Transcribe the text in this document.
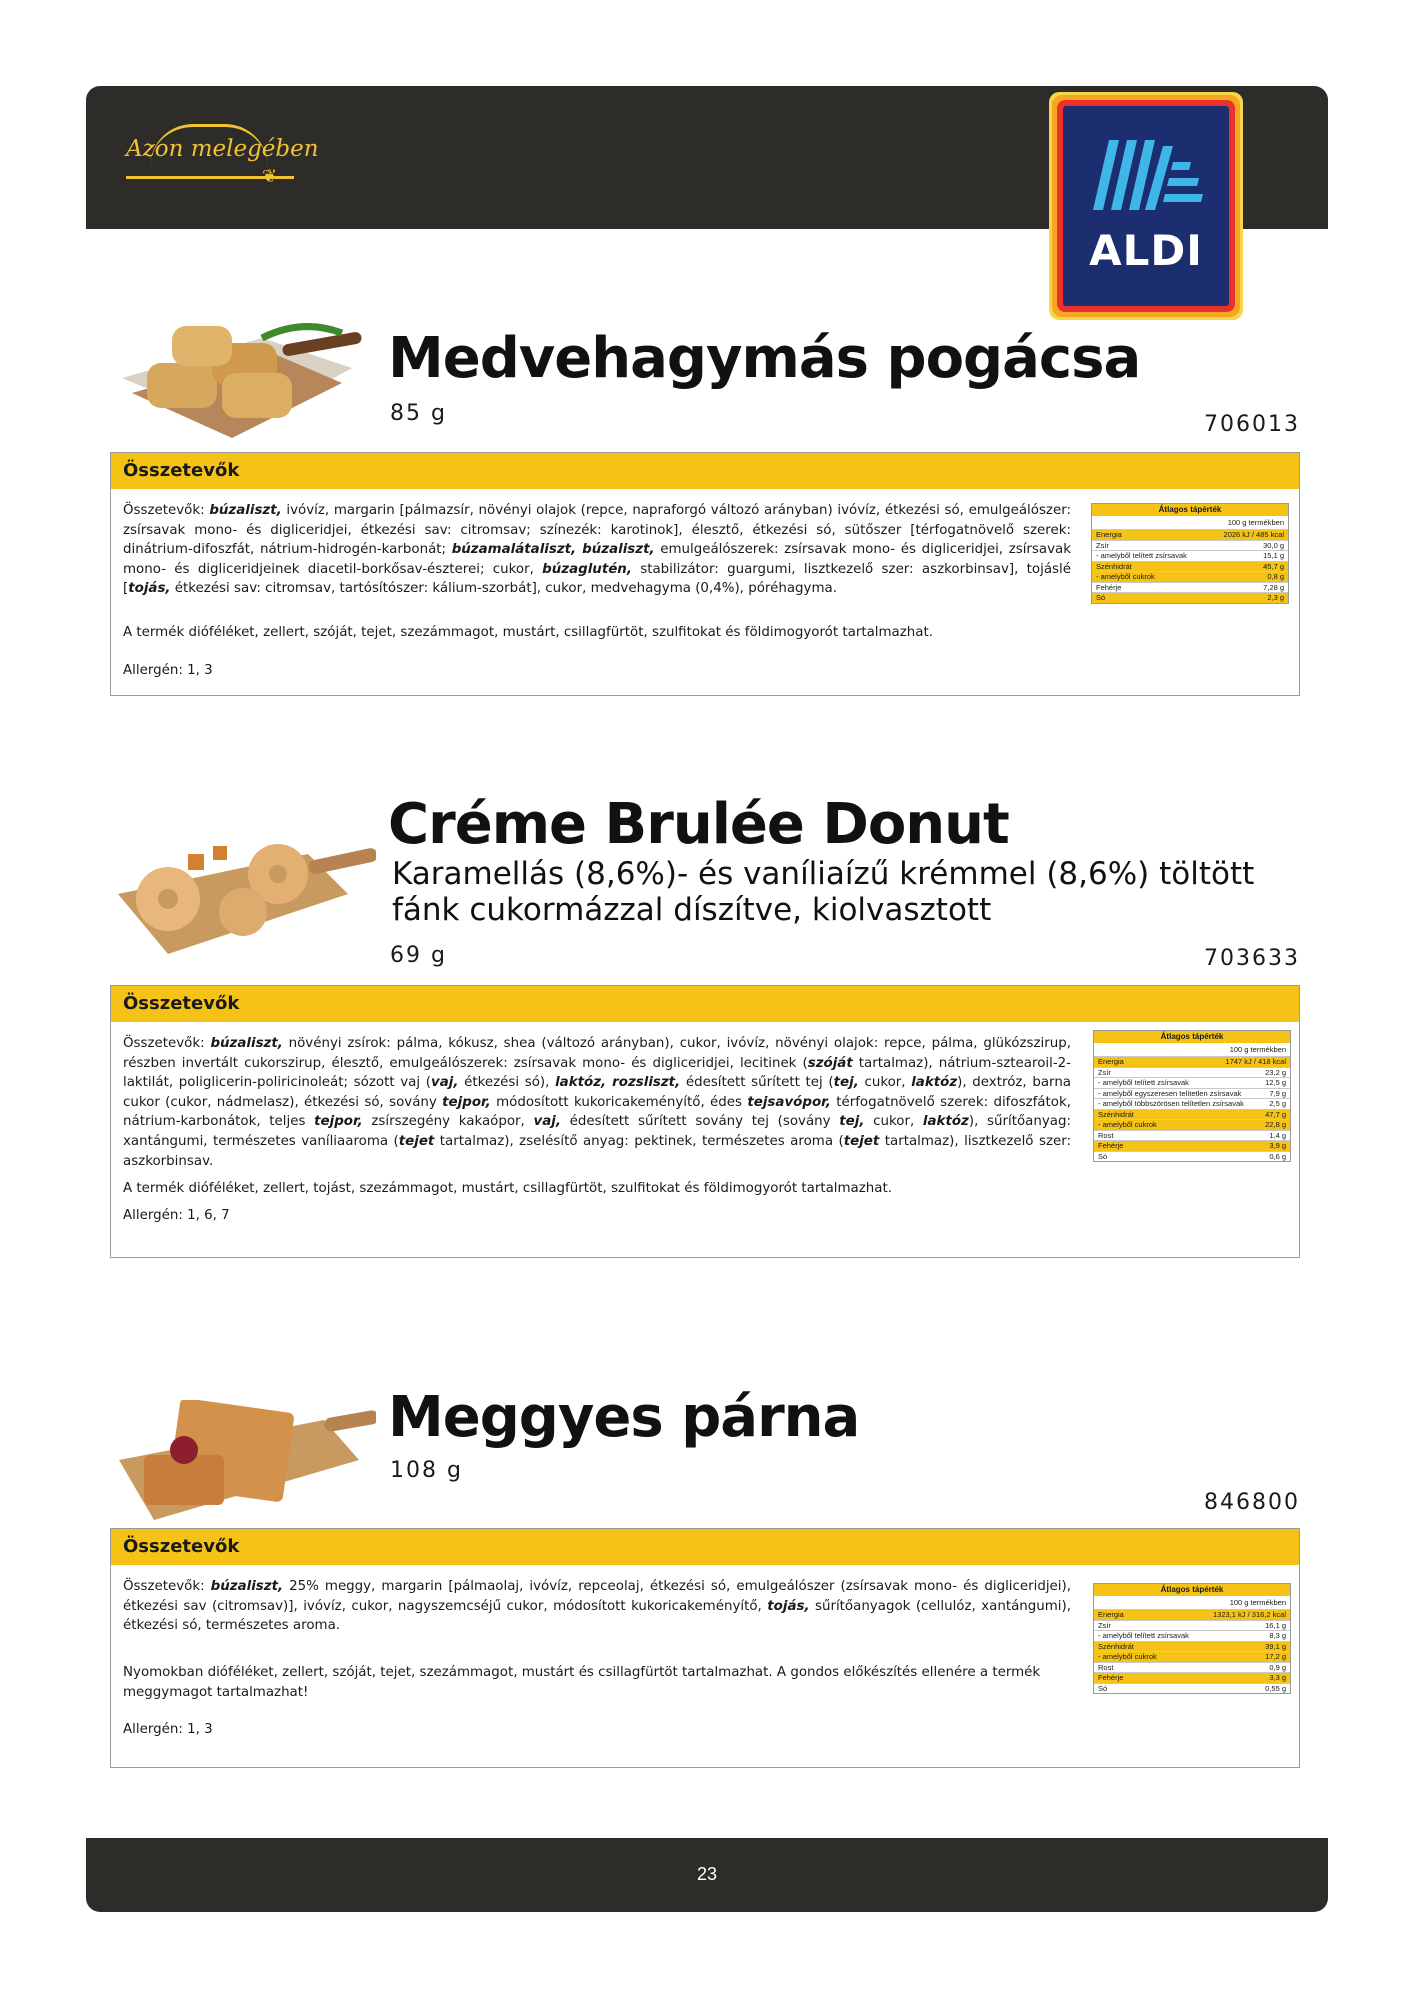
Azon melegében
❦
ALDI
Medvehagymás pogácsa
85 g	706013
Összetevők
Összetevők: búzaliszt, ivóvíz, margarin [pálmazsír, növényi olajok (repce, napraforgó változó arányban) ivóvíz, étkezési só, emulgeálószer: zsírsavak mono- és digliceridjei, étkezési sav: citromsav; színezék: karotinok], élesztő, étkezési só, sütőszer [térfogatnövelő szerek: dinátrium-difoszfát, nátrium-hidrogén-karbonát; búzamalátaliszt, búzaliszt, emulgeálószerek: zsírsavak mono- és digliceridjei, zsírsavak mono- és digliceridjeinek diacetil-borkősav-észterei; cukor, búzaglutén, stabilizátor: guargumi, lisztkezelő szer: aszkorbinsav], tojáslé [tojás, étkezési sav: citromsav, tartósítószer: kálium-szorbát], cukor, medvehagyma (0,4%), póréhagyma.
A termék dióféléket, zellert, szóját, tejet, szezámmagot, mustárt, csillagfürtöt, szulfitokat és földimogyorót tartalmazhat.
Allergén: 1, 3
Átlagos tápérték
100 g termékben
Energia	2026 kJ / 485 kcal
Zsír	30,0 g
- amelyből telített zsírsavak	15,1 g
Szénhidrát	45,7 g
- amelyből cukrok	0,8 g
Fehérje	7,28 g
Só	2,3 g
Créme Brulée Donut
Karamellás (8,6%)- és vaníliaízű krémmel (8,6%) töltött fánk cukormázzal díszítve, kiolvasztott
69 g	703633
Összetevők
Összetevők: búzaliszt, növényi zsírok: pálma, kókusz, shea (változó arányban), cukor, ivóvíz, növényi olajok: repce, pálma, glükózszirup, részben invertált cukorszirup, élesztő, emulgeálószerek: zsírsavak mono- és digliceridjei, lecitinek (szóját tartalmaz), nátrium-sztearoil-2-laktilát, poliglicerin-poliricinoleát; sózott vaj (vaj, étkezési só), laktóz, rozsliszt, édesített sűrített tej (tej, cukor, laktóz), dextróz, barna cukor (cukor, nádmelasz), étkezési só, sovány tejpor, módosított kukoricakeményítő, édes tejsavópor, térfogatnövelő szerek: difoszfátok, nátrium-karbonátok, teljes tejpor, zsírszegény kakaópor, vaj, édesített sűrített sovány tej (sovány tej, cukor, laktóz), sűrítőanyag: xantángumi, természetes vaníliaaroma (tejet tartalmaz), zselésítő anyag: pektinek, természetes aroma (tejet tartalmaz), lisztkezelő szer: aszkorbinsav.
A termék dióféléket, zellert, tojást, szezámmagot, mustárt, csillagfürtöt, szulfitokat és földimogyorót tartalmazhat.
Allergén: 1, 6, 7
Átlagos tápérték
100 g termékben
Energia	1747 kJ / 418 kcal
Zsír	23,2 g
- amelyből telített zsírsavak	12,5 g
- amelyből egyszeresen telítetlen zsírsavak	7,9 g
- amelyből többszörösen telítetlen zsírsavak	2,5 g
Szénhidrát	47,7 g
- amelyből cukrok	22,8 g
Rost	1,4 g
Fehérje	3,9 g
Só	0,6 g
Meggyes párna
108 g
846800
Összetevők
Összetevők: búzaliszt, 25% meggy, margarin [pálmaolaj, ivóvíz, repceolaj, étkezési só, emulgeálószer (zsírsavak mono- és digliceridjei), étkezési sav (citromsav)], ivóvíz, cukor, nagyszemcséjű cukor, módosított kukoricakeményítő, tojás, sűrítőanyagok (cellulóz, xantángumi), étkezési só, természetes aroma.
Nyomokban dióféléket, zellert, szóját, tejet, szezámmagot, mustárt és csillagfürtöt tartalmazhat. A gondos előkészítés ellenére a termék meggymagot tartalmazhat!
Allergén: 1, 3
Átlagos tápérték
100 g termékben
Energia	1323,1 kJ / 316,2 kcal
Zsír	16,1 g
- amelyből telített zsírsavak	8,3 g
Szénhidrát	39,1 g
- amelyből cukrok	17,2 g
Rost	0,9 g
Fehérje	3,3 g
Só	0,55 g
23
